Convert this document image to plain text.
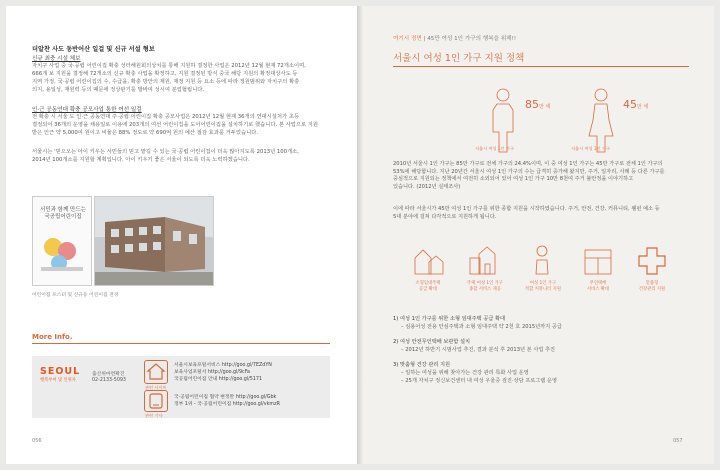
더알찬 사도 동반어산 일걸 및 신규 서설 형보
신규 최충 시설 체보
자치구 사업 중 국·공립 어린이집 확충 성터해원회의상치를 통해 지원하 결정한 사업은 2012년 12월 현재 72개소이며,
666개 보 지원을 결정해 72개소의 신규 확충 사업을 확정하고, 지원 결정된 방식 중국 해당 지원의 확정대상사도 등
지역 가정, 국·공립 어린이집의 수, 수급을, 확충 방안의 제원, 재정 지원 등 요소 등에 따라 정원범위와 자치구의 확충
의지, 용일성, 재원력 등의 때문에 정상판기를 발바여 성시여 분업협립니다.
인·근 공동연대 확충 공모사업 통한 여선 일걸
전 확충 시 서울 도 인·근 공동연대 주·공립 어린이집 확충 공모사업은 2012년 12월 현재 36개의 연대시설처가 초등
결정되어 36개의 운영을 채용일로 이용에 203개의 여선 어린이집을 도어어린이집을 설치하기로 했습니다. 본 사업으로 지원
받은 인근 약 5,000여 원이고 비율은 88% 정도로 약 690억 원의 예산 절감 효과를 거두었습니다.
서울시는 '믿으오는 아이 키우는 서민들의 믿고 맡길 수 있는 국·공립 어린이집이 더욱 많아지도록 2013년 100개소,
2014년 100개소를 지원할 계획입니다. 아이 키우기 좋은 서울이 되도록 더욱 노력하겠습니다.
서민과 함께 만드는 국공립어린이집
어린이집 포스터 및 신규동 어린이집 전경
More Info.
SEOUL
행복부여 및 인위자
출산위마련확진
02-2133-5093
관련 사이트
서울시보육포털서비스 http://goo.gl/7EZdYN
보육사업포털서 http://goo.gl/9cFa
국공립어린이집 안내 http://goo.gl/5171
관련 기사
국·공립어린이집 협약 변정완 http://goo.gl/Gbk
정부 1위 - 국·공립어린이집 http://goo.gl/vkmzR
056
여기시 정면 | 45만 여성 1인 가구의 행복을 위해!!
서울시 여성 1인 가구 지원 정책
85만 세
서울시 여성 1인 가구
45만 세
서울시 여성 1인 가구
2010년 서울시 1인 가구는 85만 가구로 전체 가구의 24.4%이며, 이 중 여성 1인 가구는 45만 가구로 전체 1인 가구의
53%에 해당합니다. 지난 20년간 서울시 여성 1인 가구의 수는 급격히 증가해 왔지만, 주거, 일자리, 사례 등 다른 가구를
중심적으로 지원되는 정책에서 여전히 소외되어 있어 여성 1인 가구 10만 8천여 주거 불안정을 이야기하고
있습니다. (2012년 실태조사)
이에 따라 서울시가 45만 여성 1인 가구를 위한 종합 지원을 시작하였습니다. 주거, 안전, 건강, 커뮤니티, 웰펀 예소 등
5대 분야에 걸쳐 다각적으로 지원하게 됩니다.
소형임대주택
공급 확대
주택 여성 1인 가구
종합 서비스 제공
여성 1인 가구
적합 커뮤니티 지원
무연택배
서비스 확대
맞춤형
건강관리 지원
1) 여성 1인 가구를 위한 소형 임대주택 공급 확대
– 심용어성 전용 안심주택과 소형 임대주택 약 2천 호 2015년까지 공급
2) 여성 안전무인택배 보관함 설치
– 2012년 하반기 시범사업 추진, 결과 분석 후 2013년 본 사업 추진
3) 맞춤형 건강 관리 지원
– 일하는 여성을 위해 찾아가는 건강 관리 특화 사업 운영
– 25개 자치구 정신보건센터 내 여성 우울증 검진·상담 프로그램 운영
057
